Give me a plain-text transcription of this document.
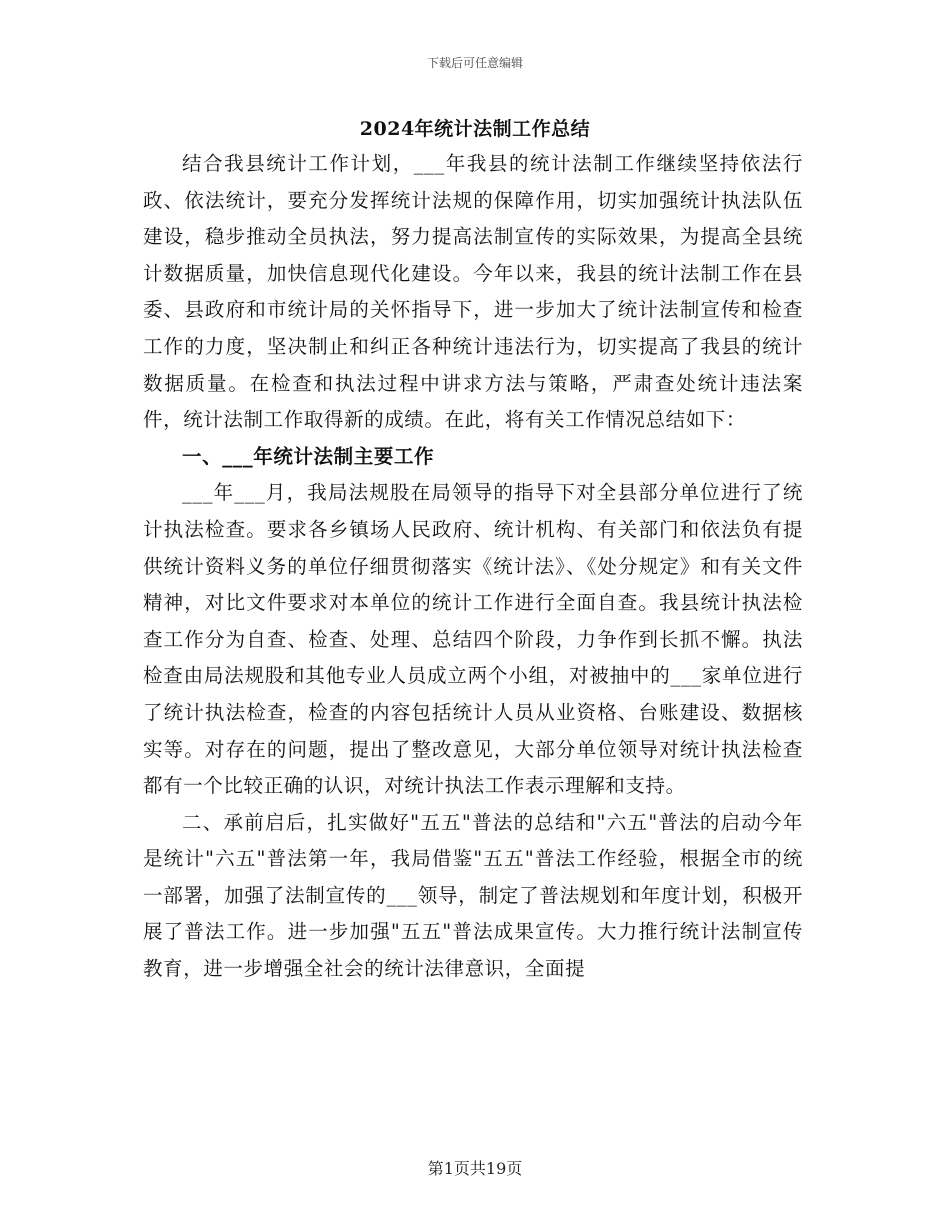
下载后可任意编辑
2024年统计法制工作总结

结合我县统计工作计划，___年我县的统计法制工作继续坚持依法行政、依法统计，要充分发挥统计法规的保障作用，切实加强统计执法队伍建设，稳步推动全员执法，努力提高法制宣传的实际效果，为提高全县统计数据质量，加快信息现代化建设。今年以来，我县的统计法制工作在县委、县政府和市统计局的关怀指导下，进一步加大了统计法制宣传和检查工作的力度，坚决制止和纠正各种统计违法行为，切实提高了我县的统计数据质量。在检查和执法过程中讲求方法与策略，严肃查处统计违法案件，统计法制工作取得新的成绩。在此，将有关工作情况总结如下：

一、___年统计法制主要工作

___年___月，我局法规股在局领导的指导下对全县部分单位进行了统计执法检查。要求各乡镇场人民政府、统计机构、有关部门和依法负有提供统计资料义务的单位仔细贯彻落实《统计法》、《处分规定》和有关文件精神，对比文件要求对本单位的统计工作进行全面自查。我县统计执法检查工作分为自查、检查、处理、总结四个阶段，力争作到长抓不懈。执法检查由局法规股和其他专业人员成立两个小组，对被抽中的___家单位进行了统计执法检查，检查的内容包括统计人员从业资格、台账建设、数据核实等。对存在的问题，提出了整改意见，大部分单位领导对统计执法检查都有一个比较正确的认识，对统计执法工作表示理解和支持。

二、承前启后，扎实做好"五五"普法的总结和"六五"普法的启动今年是统计"六五"普法第一年，我局借鉴"五五"普法工作经验，根据全市的统一部署，加强了法制宣传的___领导，制定了普法规划和年度计划，积极开展了普法工作。进一步加强"五五"普法成果宣传。大力推行统计法制宣传教育，进一步增强全社会的统计法律意识，全面提

第1页共19页
